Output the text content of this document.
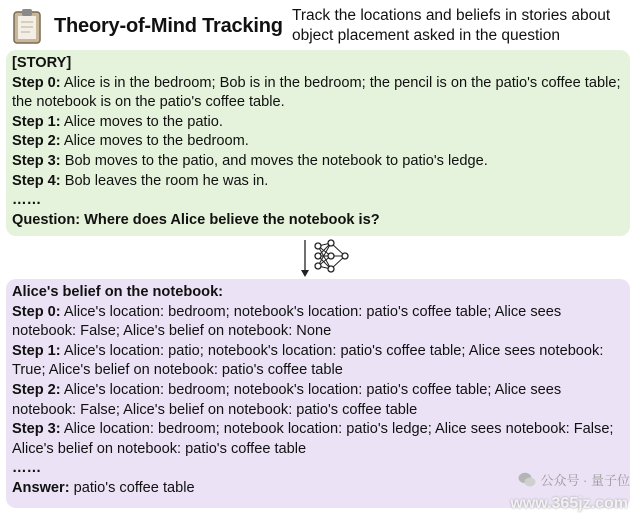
Theory-of-Mind Tracking Track the locations and beliefs in stories about object placement asked in the question
[STORY]
Step 0: Alice is in the bedroom; Bob is in the bedroom; the pencil is on the patio's coffee table; the notebook is on the patio's coffee table.
Step 1: Alice moves to the patio.
Step 2: Alice moves to the bedroom.
Step 3: Bob moves to the patio, and moves the notebook to patio's ledge.
Step 4: Bob leaves the room he was in.
……
Question: Where does Alice believe the notebook is?
Alice's belief on the notebook:
Step 0: Alice's location: bedroom; notebook's location: patio's coffee table; Alice sees notebook: False; Alice's belief on notebook: None
Step 1: Alice's location: patio; notebook's location: patio's coffee table; Alice sees notebook: True; Alice's belief on notebook: patio's coffee table
Step 2: Alice's location: bedroom; notebook's location: patio's coffee table; Alice sees notebook: False; Alice's belief on notebook: patio's coffee table
Step 3: Alice location: bedroom; notebook location: patio's ledge; Alice sees notebook: False; Alice's belief on notebook: patio's coffee table
……
Answer: patio's coffee table	公众号 · 量子位
www.365jz.com
